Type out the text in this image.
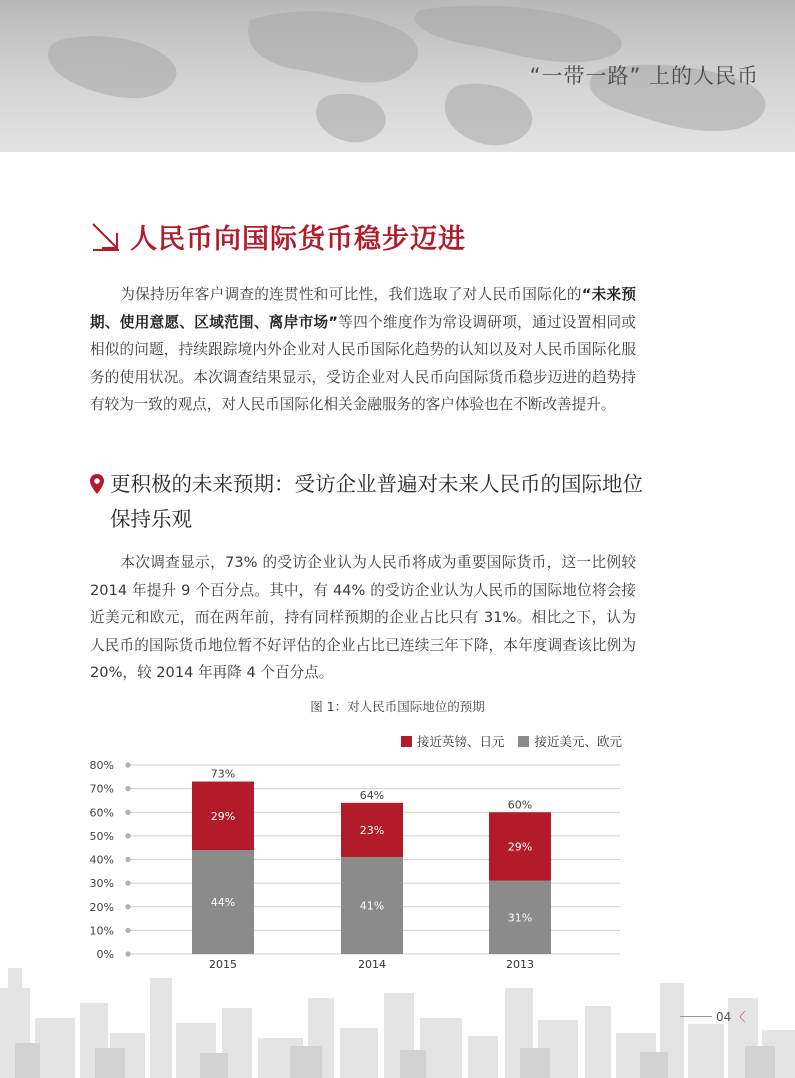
“一带一路” 上的人民币
人民币向国际货币稳步迈进
为保持历年客户调查的连贯性和可比性，我们选取了对人民币国际化的“未来预期、使用意愿、区域范围、离岸市场”等四个维度作为常设调研项，通过设置相同或相似的问题，持续跟踪境内外企业对人民币国际化趋势的认知以及对人民币国际化服务的使用状况。本次调查结果显示，受访企业对人民币向国际货币稳步迈进的趋势持有较为一致的观点，对人民币国际化相关金融服务的客户体验也在不断改善提升。
更积极的未来预期：受访企业普遍对未来人民币的国际地位保持乐观
本次调查显示，73% 的受访企业认为人民币将成为重要国际货币，这一比例较 2014 年提升 9 个百分点。其中，有 44% 的受访企业认为人民币的国际地位将会接近美元和欧元，而在两年前，持有同样预期的企业占比只有 31%。相比之下，认为人民币的国际货币地位暂不好评估的企业占比已连续三年下降，本年度调查该比例为 20%，较 2014 年再降 4 个百分点。
图 1：对人民币国际地位的预期
接近英镑、日元 接近美元、欧元
0%
10%
20%
30%
40%
50%
60%
70%
80%
44%
29%
73%
2015
41%
23%
64%
2014
31%
29%
60%
2013
04 〈
